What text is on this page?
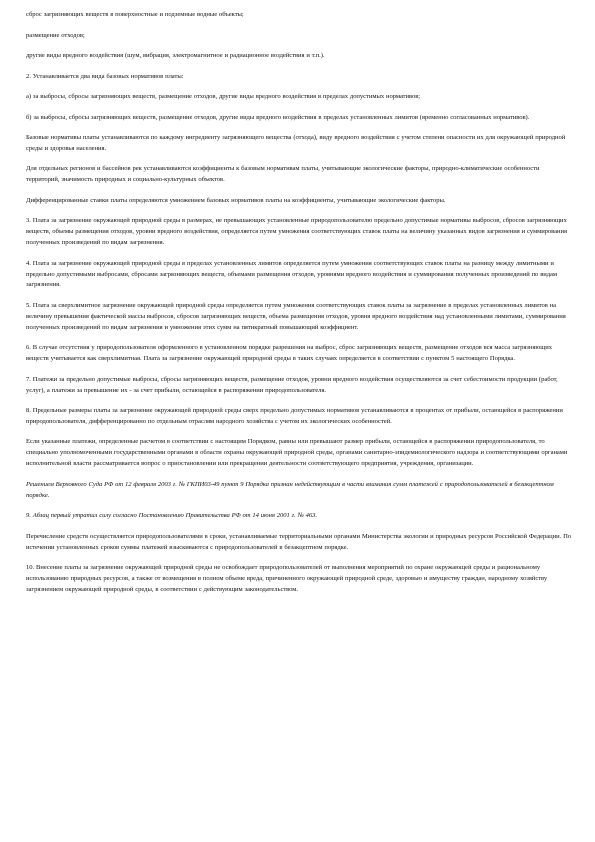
сброс загрязняющих веществ в поверхностные и подземные водные объекты;

размещение отходов;

другие виды вредного воздействия (шум, вибрация, электромагнитное и радиационное воздействия и т.п.).

2. Устанавливается два вида базовых нормативов платы:

а) за выбросы, сбросы загрязняющих веществ, размещение отходов, другие виды вредного воздействия в пределах допустимых нормативов;

б) за выбросы, сбросы загрязняющих веществ, размещение отходов, другие виды вредного воздействия в пределах установленных лимитов (временно согласованных нормативов).

Базовые нормативы платы устанавливаются по каждому ингредиенту загрязняющего вещества (отхода), виду вредного воздействия с учетом степени опасности их для окружающей природной среды и здоровья населения.

Для отдельных регионов и бассейнов рек устанавливаются коэффициенты к базовым нормативам платы, учитывающие экологические факторы, природно-климатические особенности территорий, значимость природных и социально-культурных объектов.

Дифференцированные ставки платы определяются умножением базовых нормативов платы на коэффициенты, учитывающие экологические факторы.

3. Плата за загрязнение окружающей природной среды в размерах, не превышающих установленные природопользователю предельно допустимые нормативы выбросов, сбросов загрязняющих веществ, объемы размещения отходов, уровни вредного воздействия, определяется путем умножения соответствующих ставок платы на величину указанных видов загрязнения и суммирования полученных произведений по видам загрязнения.

4. Плата за загрязнение окружающей природной среды в пределах установленных лимитов определяется путем умножения соответствующих ставок платы на разницу между лимитными и предельно допустимыми выбросами, сбросами загрязняющих веществ, объемами размещения отходов, уровнями вредного воздействия и суммирования полученных произведений по видам загрязнения.

5. Плата за сверхлимитное загрязнение окружающей природной среды определяется путем умножения соответствующих ставок платы за загрязнение в пределах установленных лимитов на величину превышения фактической массы выбросов, сбросов загрязняющих веществ, объема размещения отходов, уровня вредного воздействия над установленными лимитами, суммирования полученных произведений по видам загрязнения и умножения этих сумм на пятикратный повышающий коэффициент.

6. В случае отсутствия у природопользователя оформленного в установленном порядке разрешения на выброс, сброс загрязняющих веществ, размещение отходов вся масса загрязняющих веществ учитывается как сверхлимитная. Плата за загрязнение окружающей природной среды в таких случаях определяется в соответствии с пунктом 5 настоящего Порядка.

7. Платежи за предельно допустимые выбросы, сбросы загрязняющих веществ, размещение отходов, уровни вредного воздействия осуществляются за счет себестоимости продукции (работ, услуг), а платежи за превышение их - за счет прибыли, остающейся в распоряжении природопользователя.

8. Предельные размеры платы за загрязнение окружающей природной среды сверх предельно допустимых нормативов устанавливаются в процентах от прибыли, остающейся в распоряжении природопользователя, дифференцированно по отдельным отраслям народного хозяйства с учетом их экологических особенностей.

Если указанные платежи, определенные расчетом в соответствии с настоящим Порядком, равны или превышают размер прибыли, остающейся в распоряжении природопользователя, то специально уполномоченными государственными органами в области охраны окружающей природной среды, органами санитарно-эпидемиологического надзора и соответствующими органами исполнительной власти рассматривается вопрос о приостановлении или прекращении деятельности соответствующего предприятия, учреждения, организации.

Решением Верховного Суда РФ от 12 февраля 2003 г. № ГКПИ03-49 пункт 9 Порядка признан недействующим в части взимания сумм платежей с природопользователей в безакцептном порядке.

9. Абзац первый утратил силу согласно Постановлению Правительства РФ от 14 июня 2001 г. № 463.

Перечисление средств осуществляется природопользователями в сроки, устанавливаемые территориальными органами Министерства экологии и природных ресурсов Российской Федерации. По истечении установленных сроков суммы платежей взыскиваются с природопользователей в безакцептном порядке.

10. Внесение платы за загрязнение окружающей природной среды не освобождает природопользователей от выполнения мероприятий по охране окружающей среды и рациональному использованию природных ресурсов, а также от возмещения в полном объеме вреда, причиненного окружающей природной среде, здоровью и имуществу граждан, народному хозяйству загрязнением окружающей природной среды, в соответствии с действующим законодательством.
